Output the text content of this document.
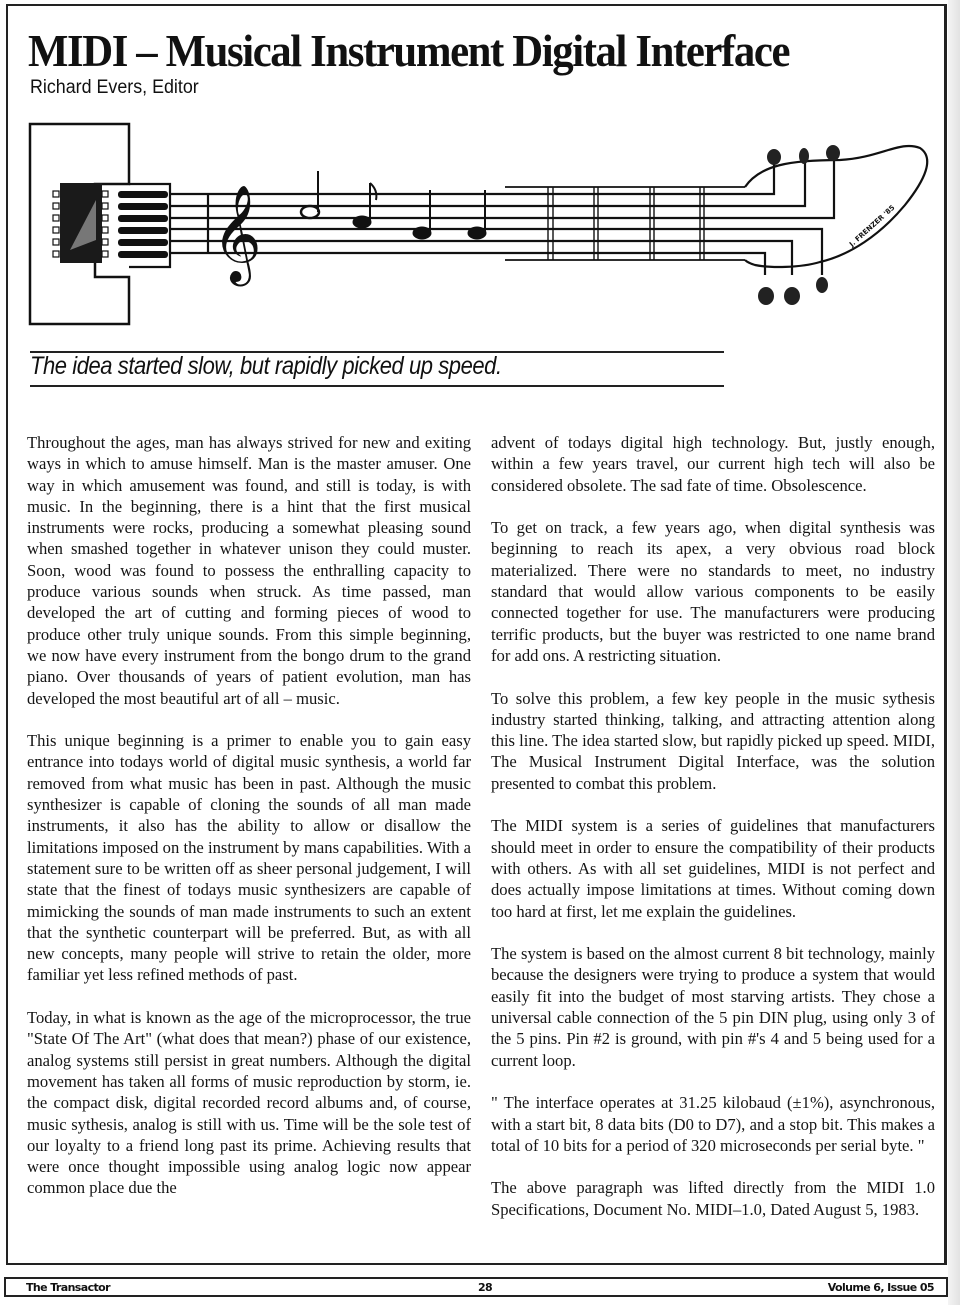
MIDI – Musical Instrument Digital Interface
Richard Evers, Editor
𝄞	J. FRENZER '85
The idea started slow, but rapidly picked up speed.

Throughout the ages, man has always strived for new and exiting ways in which to amuse himself. Man is the master amuser. One way in which amusement was found, and still is today, is with music. In the beginning, there is a hint that the first musical instruments were rocks, producing a somewhat pleasing sound when smashed together in whatever unison they could muster. Soon, wood was found to possess the enthralling capacity to produce various sounds when struck. As time passed, man developed the art of cutting and forming pieces of wood to produce other truly unique sounds. From this simple beginning, we now have every instrument from the bongo drum to the grand piano. Over thousands of years of patient evolution, man has developed the most beautiful art of all – music.

This unique beginning is a primer to enable you to gain easy entrance into todays world of digital music synthesis, a world far removed from what music has been in past. Although the music synthesizer is capable of cloning the sounds of all man made instruments, it also has the ability to allow or disallow the limitations imposed on the instrument by mans capabilities. With a statement sure to be written off as sheer personal judgement, I will state that the finest of todays music synthesizers are capable of mimicking the sounds of man made instruments to such an extent that the synthetic counterpart will be preferred. But, as with all new concepts, many people will strive to retain the older, more familiar yet less refined methods of past.

Today, in what is known as the age of the microprocessor, the true "State Of The Art" (what does that mean?) phase of our existence, analog systems still persist in great numbers. Although the digital movement has taken all forms of music reproduction by storm, ie. the compact disk, digital recorded record albums and, of course, music sythesis, analog is still with us. Time will be the sole test of our loyalty to a friend long past its prime. Achieving results that were once thought impossible using analog logic now appear common place due the

advent of todays digital high technology. But, justly enough, within a few years travel, our current high tech will also be considered obsolete. The sad fate of time. Obsolescence.

To get on track, a few years ago, when digital synthesis was beginning to reach its apex, a very obvious road block materialized. There were no standards to meet, no industry standard that would allow various components to be easily connected together for use. The manufacturers were producing terrific products, but the buyer was restricted to one name brand for add ons. A restricting situation.

To solve this problem, a few key people in the music sythesis industry started thinking, talking, and attracting attention along this line. The idea started slow, but rapidly picked up speed. MIDI, The Musical Instrument Digital Interface, was the solution presented to combat this problem.

The MIDI system is a series of guidelines that manufacturers should meet in order to ensure the compatibility of their products with others. As with all set guidelines, MIDI is not perfect and does actually impose limitations at times. Without coming down too hard at first, let me explain the guidelines.

The system is based on the almost current 8 bit technology, mainly because the designers were trying to produce a system that would easily fit into the budget of most starving artists. They chose a universal cable connection of the 5 pin DIN plug, using only 3 of the 5 pins. Pin #2 is ground, with pin #'s 4 and 5 being used for a current loop.

" The interface operates at 31.25 kilobaud (±1%), asynchronous, with a start bit, 8 data bits (D0 to D7), and a stop bit. This makes a total of 10 bits for a period of 320 microseconds per serial byte. "

The above paragraph was lifted directly from the MIDI 1.0 Specifications, Document No. MIDI–1.0, Dated August 5, 1983.

The Transactor	28	Volume 6, Issue 05
